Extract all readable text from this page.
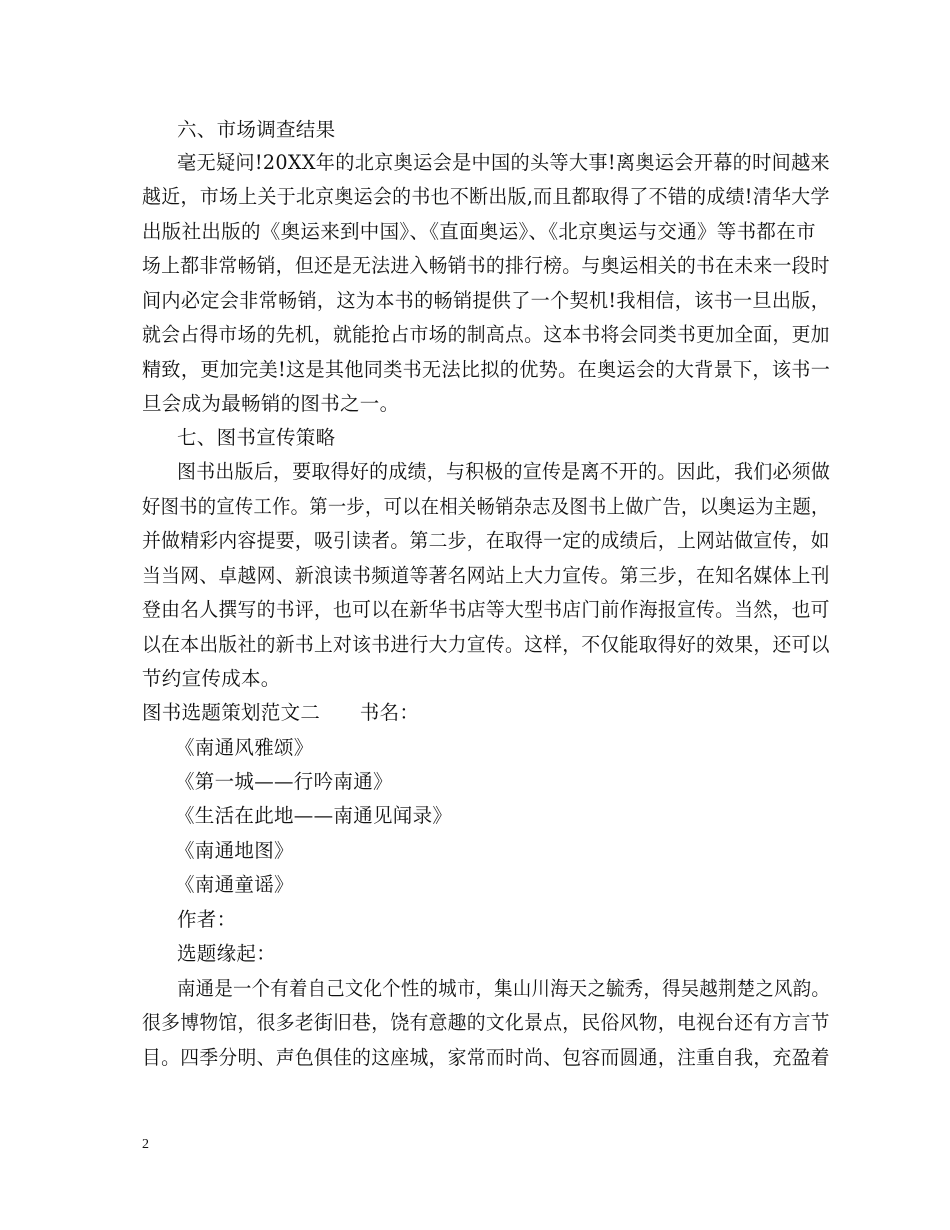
六、市场调查结果
毫无疑问!20XX年的北京奥运会是中国的头等大事!离奥运会开幕的时间越来
越近，市场上关于北京奥运会的书也不断出版,而且都取得了不错的成绩!清华大学
出版社出版的《奥运来到中国》、《直面奥运》、《北京奥运与交通》等书都在市
场上都非常畅销，但还是无法进入畅销书的排行榜。与奥运相关的书在未来一段时
间内必定会非常畅销，这为本书的畅销提供了一个契机!我相信，该书一旦出版，
就会占得市场的先机，就能抢占市场的制高点。这本书将会同类书更加全面，更加
精致，更加完美!这是其他同类书无法比拟的优势。在奥运会的大背景下，该书一
旦会成为最畅销的图书之一。
七、图书宣传策略
图书出版后，要取得好的成绩，与积极的宣传是离不开的。因此，我们必须做
好图书的宣传工作。第一步，可以在相关畅销杂志及图书上做广告，以奥运为主题，
并做精彩内容提要，吸引读者。第二步，在取得一定的成绩后，上网站做宣传，如
当当网、卓越网、新浪读书频道等著名网站上大力宣传。第三步，在知名媒体上刊
登由名人撰写的书评，也可以在新华书店等大型书店门前作海报宣传。当然，也可
以在本出版社的新书上对该书进行大力宣传。这样，不仅能取得好的效果，还可以
节约宣传成本。
图书选题策划范文二　　书名：
《南通风雅颂》
《第一城——行吟南通》
《生活在此地——南通见闻录》
《南通地图》
《南通童谣》
作者：
选题缘起：
南通是一个有着自己文化个性的城市，集山川海天之毓秀，得吴越荆楚之风韵。
很多博物馆，很多老街旧巷，饶有意趣的文化景点，民俗风物，电视台还有方言节
目。四季分明、声色俱佳的这座城，家常而时尚、包容而圆通，注重自我，充盈着
2
